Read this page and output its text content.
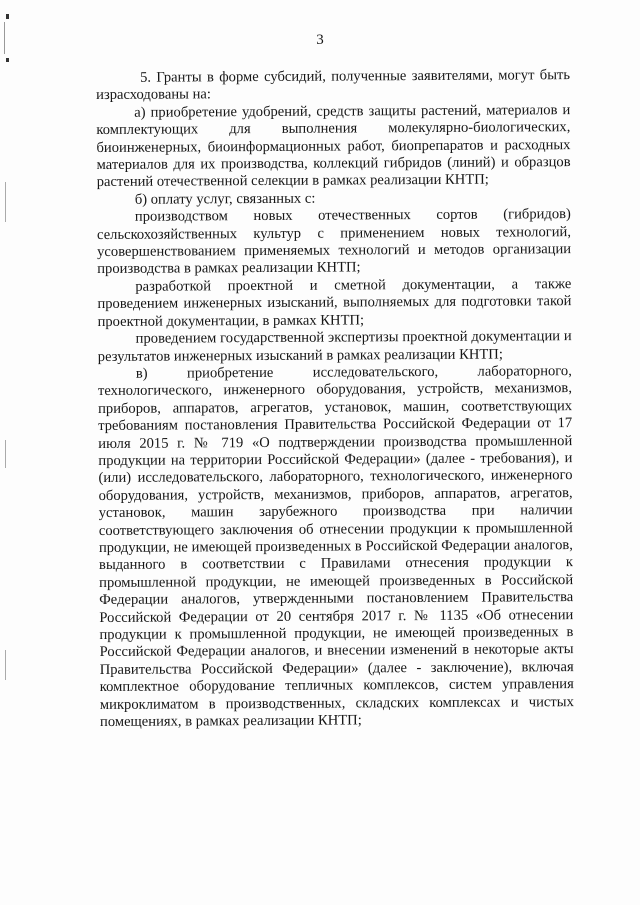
3

5. Гранты в форме субсидий, полученные заявителями, могут быть израсходованы на:

а) приобретение удобрений, средств защиты растений, материалов и комплектующих для выполнения молекулярно-биологических, биоинженерных, биоинформационных работ, биопрепаратов и расходных материалов для их производства, коллекций гибридов (линий) и образцов растений отечественной селекции в рамках реализации КНТП;

б) оплату услуг, связанных с:

производством новых отечественных сортов (гибридов) сельскохозяйственных культур с применением новых технологий, усовершенствованием применяемых технологий и методов организации производства в рамках реализации КНТП;

разработкой проектной и сметной документации, а также проведением инженерных изысканий, выполняемых для подготовки такой проектной документации, в рамках КНТП;

проведением государственной экспертизы проектной документации и результатов инженерных изысканий в рамках реализации КНТП;

в) приобретение исследовательского, лабораторного, технологического, инженерного оборудования, устройств, механизмов, приборов, аппаратов, агрегатов, установок, машин, соответствующих требованиям постановления Правительства Российской Федерации от 17 июля 2015 г. № 719 «О подтверждении производства промышленной продукции на территории Российской Федерации» (далее - требования), и (или) исследовательского, лабораторного, технологического, инженерного оборудования, устройств, механизмов, приборов, аппаратов, агрегатов, установок, машин зарубежного производства при наличии соответствующего заключения об отнесении продукции к промышленной продукции, не имеющей произведенных в Российской Федерации аналогов, выданного в соответствии с Правилами отнесения продукции к промышленной продукции, не имеющей произведенных в Российской Федерации аналогов, утвержденными постановлением Правительства Российской Федерации от 20 сентября 2017 г. № 1135 «Об отнесении продукции к промышленной продукции, не имеющей произведенных в Российской Федерации аналогов, и внесении изменений в некоторые акты Правительства Российской Федерации» (далее - заключение), включая комплектное оборудование тепличных комплексов, систем управления микроклиматом в производственных, складских комплексах и чистых помещениях, в рамках реализации КНТП;
